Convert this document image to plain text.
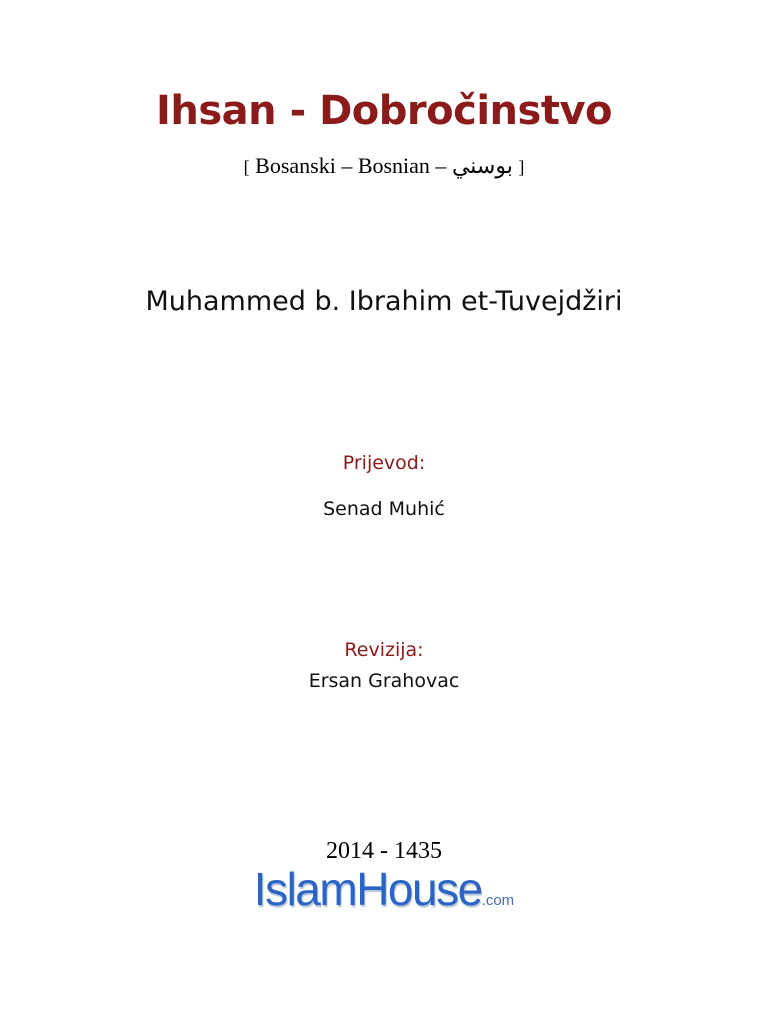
Ihsan - Dobročinstvo
[ Bosanski – Bosnian – بوسني ]
Muhammed b. Ibrahim et-Tuvejdžiri
Prijevod:
Senad Muhić
Revizija:
Ersan Grahovac
2014 - 1435
IslamHouse.com
